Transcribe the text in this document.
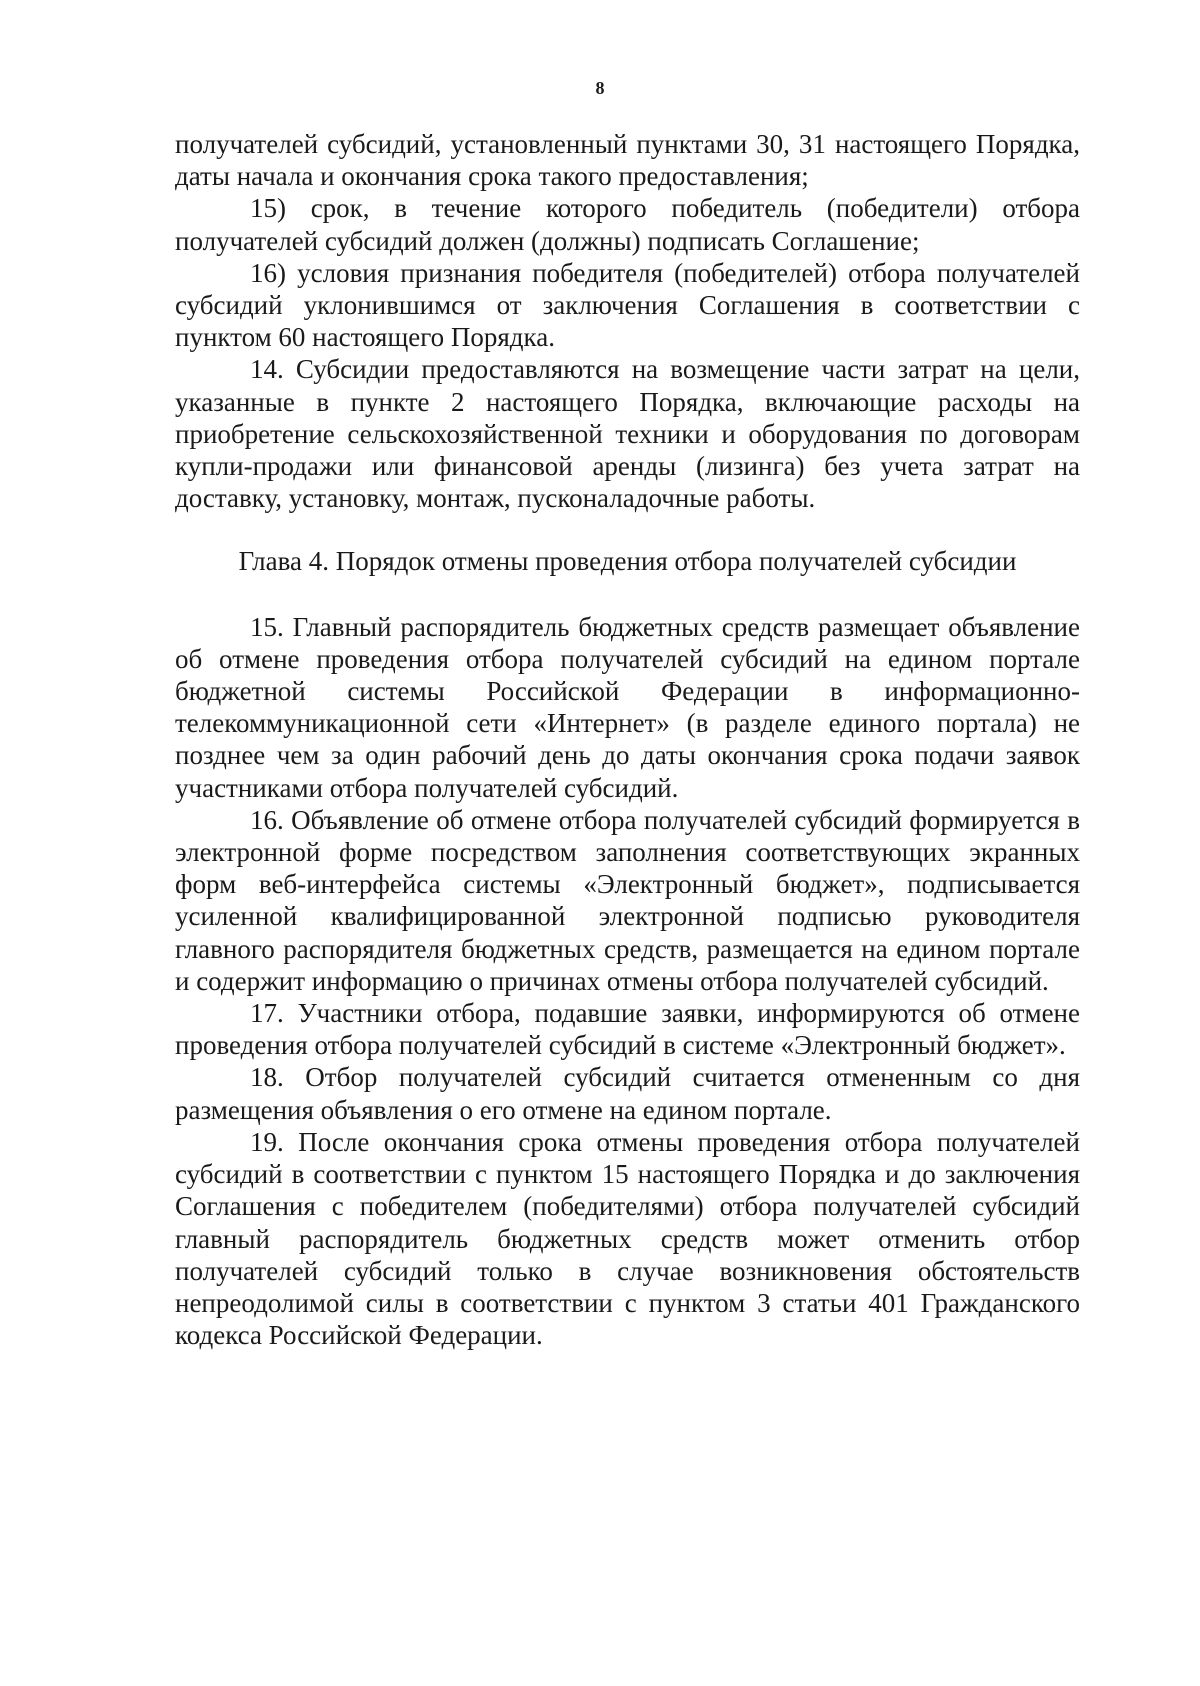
8

получателей субсидий, установленный пунктами 30, 31 настоящего Порядка, даты начала и окончания срока такого предоставления;

15) срок, в течение которого победитель (победители) отбора получателей субсидий должен (должны) подписать Соглашение;

16) условия признания победителя (победителей) отбора получателей субсидий уклонившимся от заключения Соглашения в соответствии с пунктом 60 настоящего Порядка.

14. Субсидии предоставляются на возмещение части затрат на цели, указанные в пункте 2 настоящего Порядка, включающие расходы на приобретение сельскохозяйственной техники и оборудования по договорам купли-продажи или финансовой аренды (лизинга) без учета затрат на доставку, установку, монтаж, пусконаладочные работы.

Глава 4. Порядок отмены проведения отбора получателей субсидии

15. Главный распорядитель бюджетных средств размещает объявление об отмене проведения отбора получателей субсидий на едином портале бюджетной системы Российской Федерации в информационно-телекоммуникационной сети «Интернет» (в разделе единого портала) не позднее чем за один рабочий день до даты окончания срока подачи заявок участниками отбора получателей субсидий.

16. Объявление об отмене отбора получателей субсидий формируется в электронной форме посредством заполнения соответствующих экранных форм веб-интерфейса системы «Электронный бюджет», подписывается усиленной квалифицированной электронной подписью руководителя главного распорядителя бюджетных средств, размещается на едином портале и содержит информацию о причинах отмены отбора получателей субсидий.

17. Участники отбора, подавшие заявки, информируются об отмене проведения отбора получателей субсидий в системе «Электронный бюджет».

18. Отбор получателей субсидий считается отмененным со дня размещения объявления о его отмене на едином портале.

19. После окончания срока отмены проведения отбора получателей субсидий в соответствии с пунктом 15 настоящего Порядка и до заключения Соглашения с победителем (победителями) отбора получателей субсидий главный распорядитель бюджетных средств может отменить отбор получателей субсидий только в случае возникновения обстоятельств непреодолимой силы в соответствии с пунктом 3 статьи 401 Гражданского кодекса Российской Федерации.
